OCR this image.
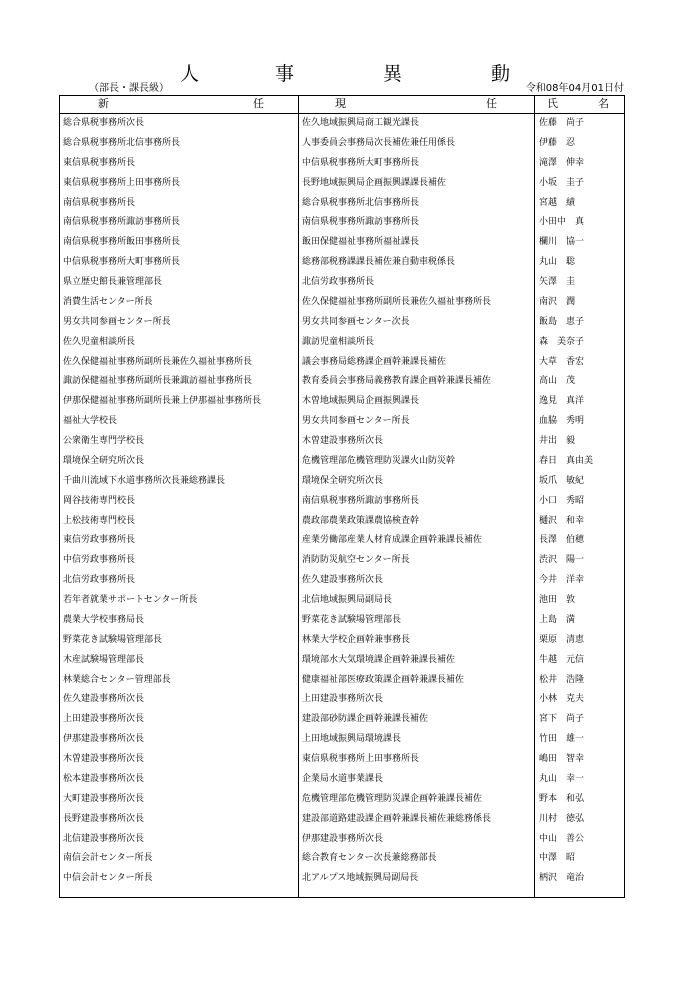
人	事	異	動
（部長・課長級）	令和08年04月01日付
新	任	現	任	氏	名
総合県税事務所次長	佐久地域振興局商工観光課長	佐藤　尚子
総合県税事務所北信事務所長	人事委員会事務局次長補佐兼任用係長	伊藤　忍
東信県税事務所長	中信県税事務所大町事務所長	滝澤　伸幸
東信県税事務所上田事務所長	長野地域振興局企画振興課課長補佐	小坂　圭子
南信県税事務所長	総合県税事務所北信事務所長	宮越　績
南信県税事務所諏訪事務所長	南信県税事務所諏訪事務所長	小田中　真
南信県税事務所飯田事務所長	飯田保健福祉事務所福祉課長	欄川　協一
中信県税事務所大町事務所長	総務部税務課課長補佐兼自動車税係長	丸山　聡
県立歴史館長兼管理部長	北信労政事務所長	矢澤　圭
消費生活センター所長	佐久保健福祉事務所副所長兼佐久福祉事務所長	南沢　潤
男女共同参画センター所長	男女共同参画センター次長	飯島　恵子
佐久児童相談所長	諏訪児童相談所長	森　美奈子
佐久保健福祉事務所副所長兼佐久福祉事務所長	議会事務局総務課企画幹兼課長補佐	大草　香宏
諏訪保健福祉事務所副所長兼諏訪福祉事務所長	教育委員会事務局義務教育課企画幹兼課長補佐	高山　茂
伊那保健福祉事務所副所長兼上伊那福祉事務所長	木曽地域振興局企画振興課長	逸見　真洋
福祉大学校長	男女共同参画センター所長	血脇　秀明
公衆衛生専門学校長	木曽建設事務所次長	井出　毅
環境保全研究所次長	危機管理部危機管理防災課火山防災幹	春日　真由美
千曲川流域下水道事務所次長兼総務課長	環境保全研究所次長	坂爪　敏紀
岡谷技術専門校長	南信県税事務所諏訪事務所長	小口　秀昭
上松技術専門校長	農政部農業政策課農協検査幹	樋沢　和幸
東信労政事務所長	産業労働部産業人材育成課企画幹兼課長補佐	長澤　伯穂
中信労政事務所長	消防防災航空センター所長	渋沢　陽一
北信労政事務所長	佐久建設事務所次長	今井　洋幸
若年者就業サポートセンター所長	北信地域振興局副局長	池田　敦
農業大学校事務局長	野菜花き試験場管理部長	上島　満
野菜花き試験場管理部長	林業大学校企画幹兼事務長	栗原　清恵
木産試験場管理部長	環境部水大気環境課企画幹兼課長補佐	牛越　元信
林業総合センター管理部長	健康福祉部医療政策課企画幹兼課長補佐	松井　浩隆
佐久建設事務所次長	上田建設事務所次長	小林　克夫
上田建設事務所次長	建設部砂防課企画幹兼課長補佐	宮下　尚子
伊那建設事務所次長	上田地域振興局環境課長	竹田　雄一
木曽建設事務所次長	東信県税事務所上田事務所長	嶋田　智幸
松本建設事務所次長	企業局水道事業課長	丸山　幸一
大町建設事務所次長	危機管理部危機管理防災課企画幹兼課長補佐	野本　和弘
長野建設事務所次長	建設部道路建設課企画幹兼課長補佐兼総務係長	川村　徳弘
北信建設事務所次長	伊那建設事務所次長	中山　善公
南信会計センター所長	総合教育センター次長兼総務部長	中澤　昭
中信会計センター所長	北アルプス地域振興局副局長	柄沢　竜治
